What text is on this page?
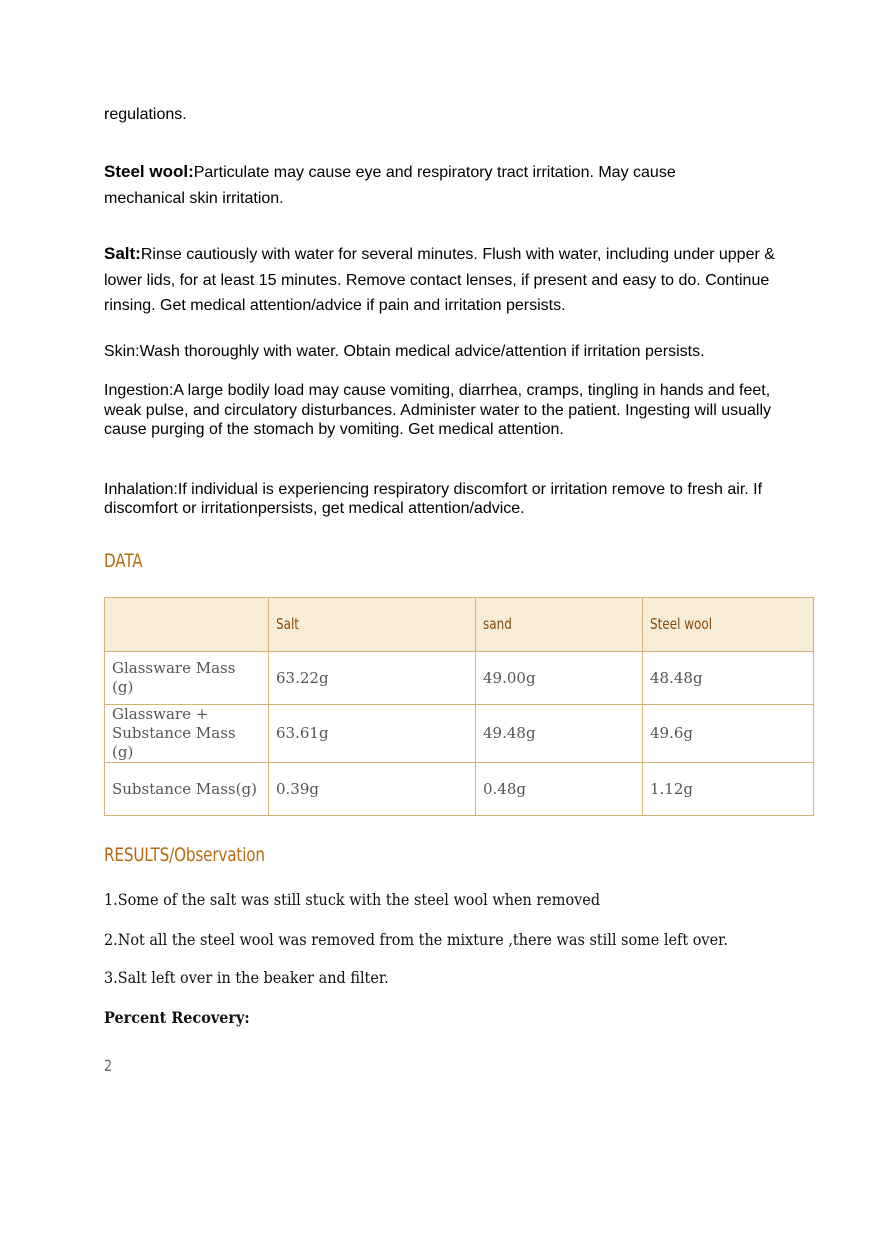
regulations.

Steel wool:Particulate may cause eye and respiratory tract irritation. May cause mechanical skin irritation.

Salt:Rinse cautiously with water for several minutes. Flush with water, including under upper & lower lids, for at least 15 minutes. Remove contact lenses, if present and easy to do. Continue rinsing. Get medical attention/advice if pain and irritation persists.

Skin:Wash thoroughly with water. Obtain medical advice/attention if irritation persists.

Ingestion:A large bodily load may cause vomiting, diarrhea, cramps, tingling in hands and feet, weak pulse, and circulatory disturbances. Administer water to the patient. Ingesting will usually cause purging of the stomach by vomiting. Get medical attention.

Inhalation:If individual is experiencing respiratory discomfort or irritation remove to fresh air. If discomfort or irritationpersists, get medical attention/advice.

DATA
	Salt	sand	Steel wool
Glassware Mass (g)	63.22g	49.00g	48.48g
Glassware + Substance Mass (g)	63.61g	49.48g	49.6g
Substance Mass(g)	0.39g	0.48g	1.12g
RESULTS/Observation

1.Some of the salt was still stuck with the steel wool when removed

2.Not all the steel wool was removed from the mixture ,there was still some left over.

3.Salt left over in the beaker and filter.

Percent Recovery:

2
